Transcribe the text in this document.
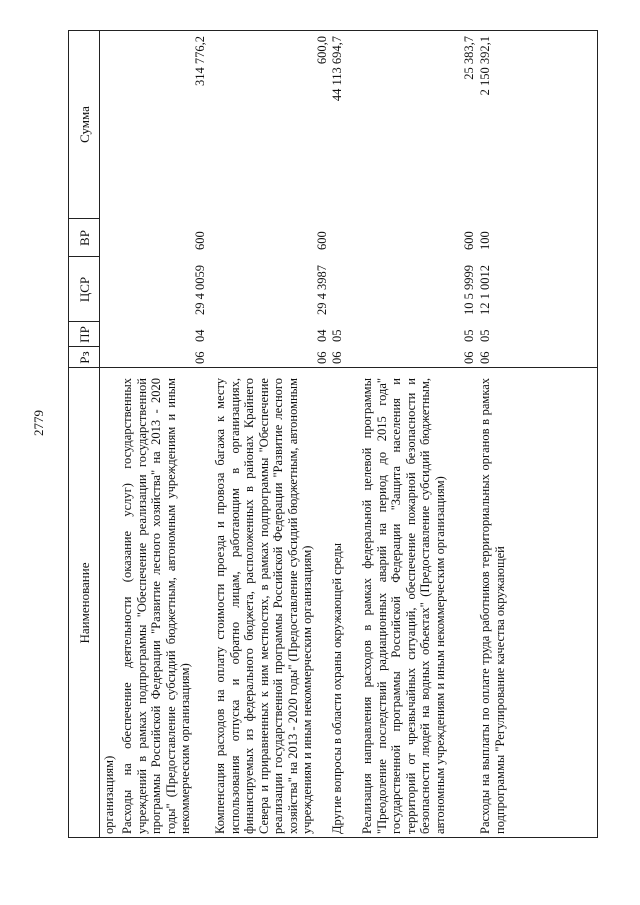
2779
Наименование
Рз
ПР
ЦСР
ВР
Сумма
организациям) Расходы на обеспечение деятельности (оказание услуг) государственных учреждений в рамках подпрограммы "Обеспечение реализации государственной программы Российской Федерации "Развитие лесного хозяйства" на 2013 - 2020 годы" (Предоставление субсидий бюджетным, автономным учреждениям и иным некоммерческим организациям)
06
04
29 4 0059
600
314 776,2
Компенсация расходов на оплату стоимости проезда и провоза багажа к месту использования отпуска и обратно лицам, работающим в организациях, финансируемых из федерального бюджета, расположенных в районах Крайнего Севера и приравненных к ним местностях, в рамках подпрограммы "Обеспечение реализации государственной программы Российской Федерации "Развитие лесного хозяйства" на 2013 - 2020 годы" (Предоставление субсидий бюджетным, автономным учреждениям и иным некоммерческим организациям)
06
04
29 4 3987
600
600,0
Другие вопросы в области охраны окружающей среды
06
05
44 113 694,7
Реализация направления расходов в рамках федеральной целевой программы "Преодоление последствий радиационных аварий на период до 2015 года" государственной программы Российской Федерации "Защита населения и территорий от чрезвычайных ситуаций, обеспечение пожарной безопасности и безопасности людей на водных объектах" (Предоставление субсидий бюджетным, автономным учреждениям и иным некоммерческим организациям)
06
05
10 5 9999
600
25 383,7
Расходы на выплаты по оплате труда работников территориальных органов в рамках подпрограммы "Регулирование качества окружающей
06
05
12 1 0012
100
2 150 392,1
